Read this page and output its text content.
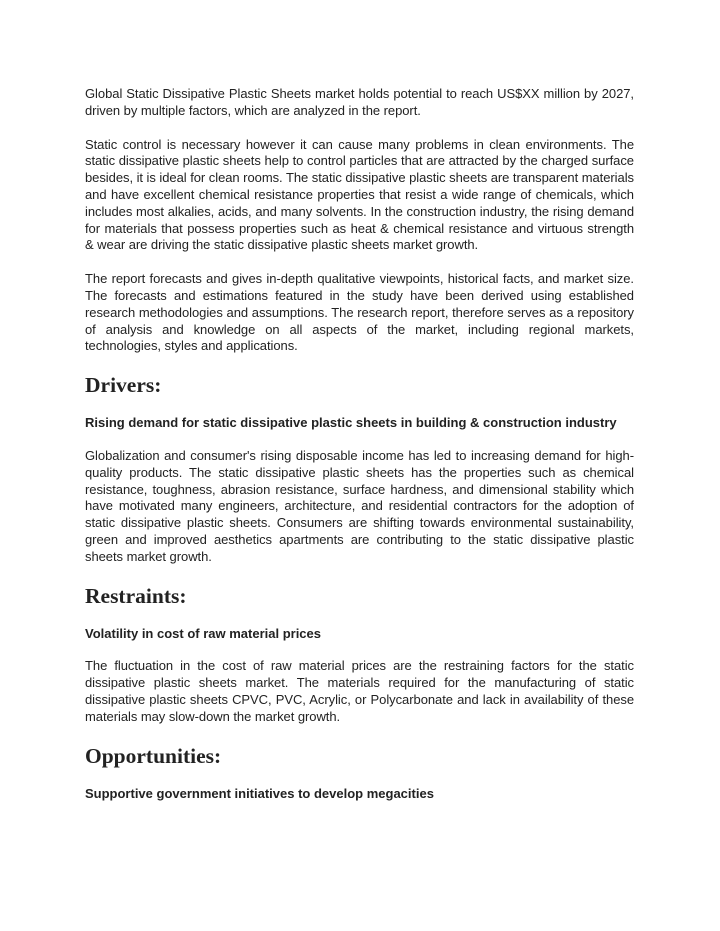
Global Static Dissipative Plastic Sheets market holds potential to reach US$XX million by 2027, driven by multiple factors, which are analyzed in the report.

Static control is necessary however it can cause many problems in clean environments. The static dissipative plastic sheets help to control particles that are attracted by the charged surface besides, it is ideal for clean rooms. The static dissipative plastic sheets are transparent materials and have excellent chemical resistance properties that resist a wide range of chemicals, which includes most alkalies, acids, and many solvents. In the construction industry, the rising demand for materials that possess properties such as heat & chemical resistance and virtuous strength & wear are driving the static dissipative plastic sheets market growth.

The report forecasts and gives in-depth qualitative viewpoints, historical facts, and market size. The forecasts and estimations featured in the study have been derived using established research methodologies and assumptions. The research report, therefore serves as a repository of analysis and knowledge on all aspects of the market, including regional markets, technologies, styles and applications.

Drivers:

Rising demand for static dissipative plastic sheets in building & construction industry

Globalization and consumer's rising disposable income has led to increasing demand for high-quality products. The static dissipative plastic sheets has the properties such as chemical resistance, toughness, abrasion resistance, surface hardness, and dimensional stability which have motivated many engineers, architecture, and residential contractors for the adoption of static dissipative plastic sheets. Consumers are shifting towards environmental sustainability, green and improved aesthetics apartments are contributing to the static dissipative plastic sheets market growth.

Restraints:

Volatility in cost of raw material prices

The fluctuation in the cost of raw material prices are the restraining factors for the static dissipative plastic sheets market. The materials required for the manufacturing of static dissipative plastic sheets CPVC, PVC, Acrylic, or Polycarbonate and lack in availability of these materials may slow-down the market growth.

Opportunities:

Supportive government initiatives to develop megacities
